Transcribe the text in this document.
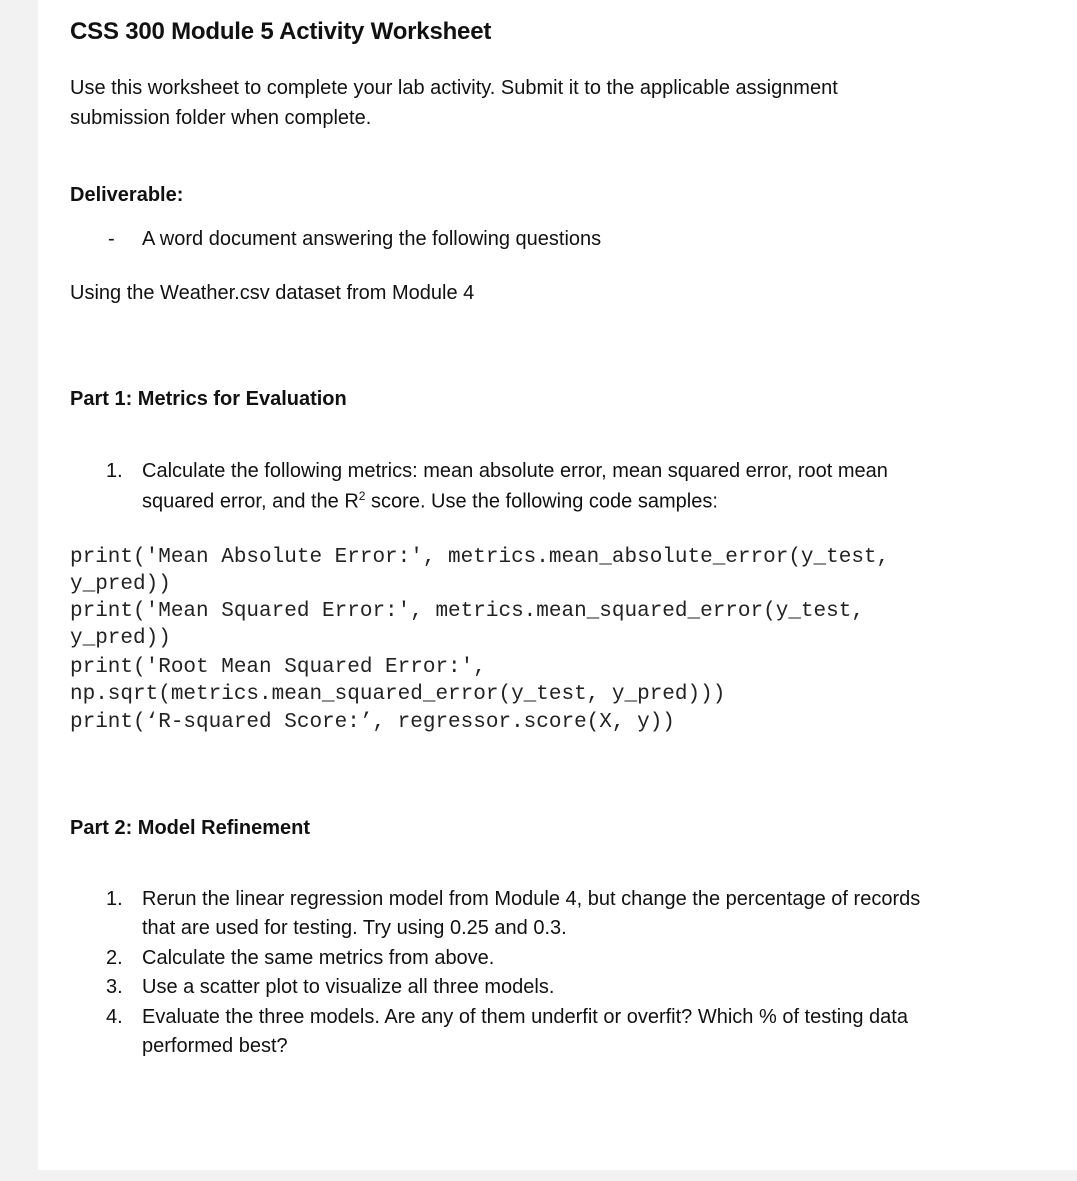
CSS 300 Module 5 Activity Worksheet
Use this worksheet to complete your lab activity. Submit it to the applicable assignment
submission folder when complete.
Deliverable:
- A word document answering the following questions
Using the Weather.csv dataset from Module 4
Part 1: Metrics for Evaluation
1. Calculate the following metrics: mean absolute error, mean squared error, root mean
squared error, and the $R^2$ score. Use the following code samples:
print('Mean Absolute Error:', metrics.mean_absolute_error(y_test,
y_pred))
print('Mean Squared Error:', metrics.mean_squared_error(y_test,
y_pred))
print('Root Mean Squared Error:',
np.sqrt(metrics.mean_squared_error(y_test, y_pred)))
print(‘R-squared Score:’, regressor.score(X, y))
Part 2: Model Refinement
1. Rerun the linear regression model from Module 4, but change the percentage of records
that are used for testing. Try using 0.25 and 0.3.
2. Calculate the same metrics from above.
3. Use a scatter plot to visualize all three models.
4. Evaluate the three models. Are any of them underfit or overfit? Which % of testing data
performed best?
